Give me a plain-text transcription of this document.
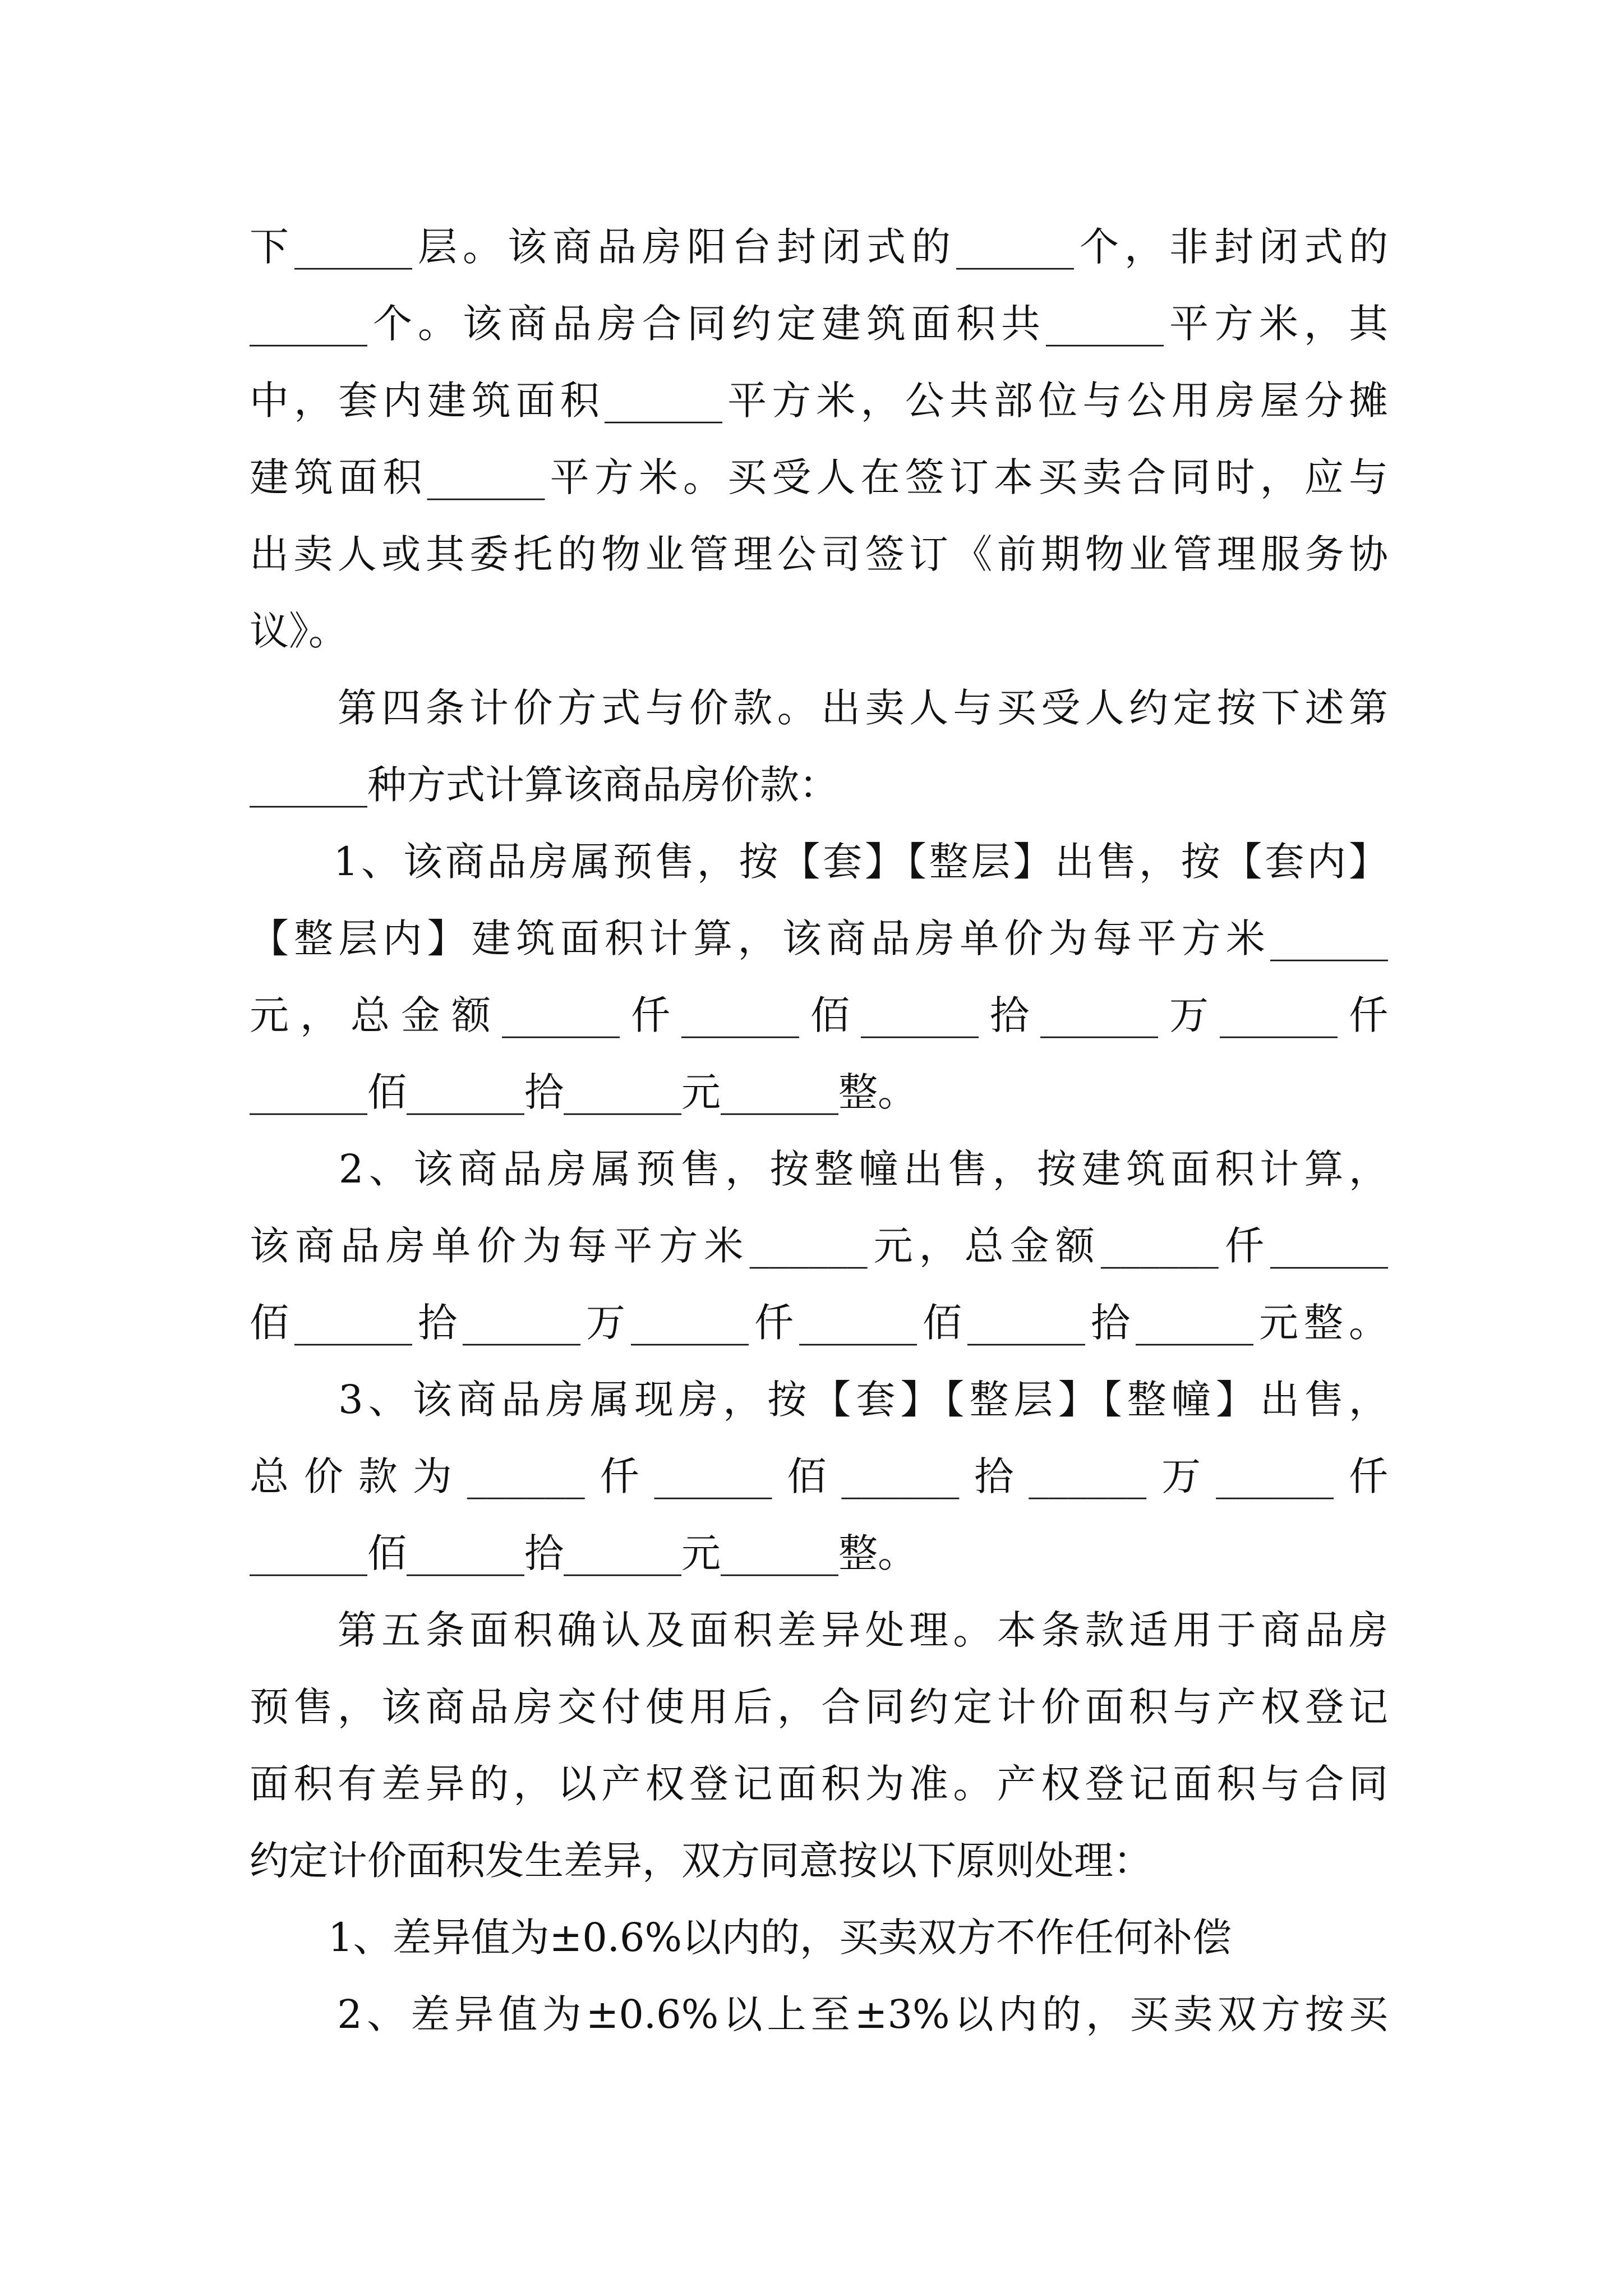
下______层。该商品房阳台封闭式的______个，非封闭式的
______个。该商品房合同约定建筑面积共______平方米，其
中，套内建筑面积______平方米，公共部位与公用房屋分摊
建筑面积______平方米。买受人在签订本买卖合同时，应与
出卖人或其委托的物业管理公司签订《前期物业管理服务协
议》。
　　第四条计价方式与价款。出卖人与买受人约定按下述第
______种方式计算该商品房价款：
　　1、该商品房属预售，按【套】【整层】出售，按【套内】
【整层内】建筑面积计算，该商品房单价为每平方米______
元，总金额______仟______佰______拾______万______仟
______佰______拾______元______整。
　　2、该商品房属预售，按整幢出售，按建筑面积计算，
该商品房单价为每平方米______元，总金额______仟______
佰______拾______万______仟______佰______拾______元整。
　　3、该商品房属现房，按【套】【整层】【整幢】出售，
总价款为______仟______佰______拾______万______仟
______佰______拾______元______整。
　　第五条面积确认及面积差异处理。本条款适用于商品房
预售，该商品房交付使用后，合同约定计价面积与产权登记
面积有差异的，以产权登记面积为准。产权登记面积与合同
约定计价面积发生差异，双方同意按以下原则处理：
　　1、差异值为±0.6%以内的，买卖双方不作任何补偿
　　2、差异值为±0.6%以上至±3%以内的，买卖双方按买
